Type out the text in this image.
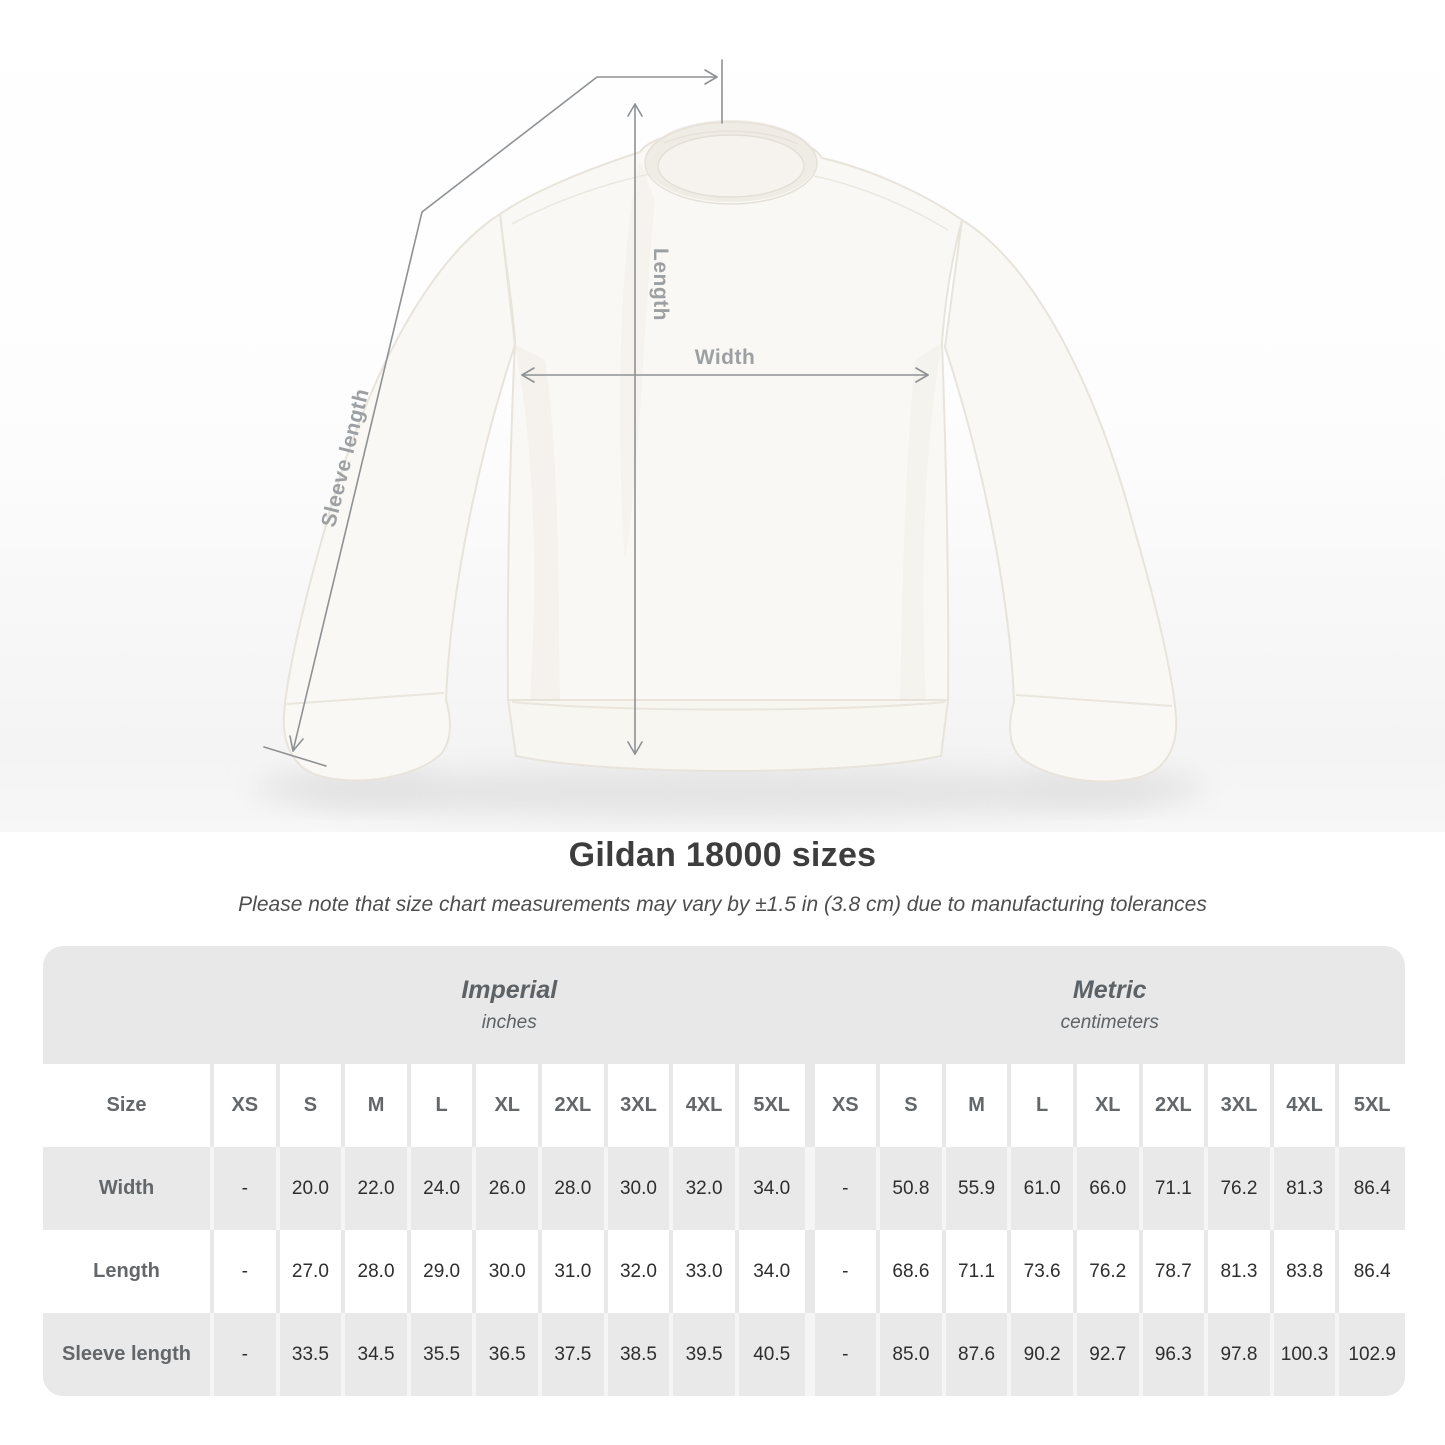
Length
Width
Sleeve length
Gildan 18000 sizes
Please note that size chart measurements may vary by ±1.5 in (3.8 cm) due to manufacturing tolerances
Imperial
inches
Metric
centimeters
Size	XS	S	M	L	XL	2XL	3XL	4XL	5XL	XS	S	M	L	XL	2XL	3XL	4XL	5XL
Width	-	20.0	22.0	24.0	26.0	28.0	30.0	32.0	34.0	-	50.8	55.9	61.0	66.0	71.1	76.2	81.3	86.4
Length	-	27.0	28.0	29.0	30.0	31.0	32.0	33.0	34.0	-	68.6	71.1	73.6	76.2	78.7	81.3	83.8	86.4
Sleeve length	-	33.5	34.5	35.5	36.5	37.5	38.5	39.5	40.5	-	85.0	87.6	90.2	92.7	96.3	97.8	100.3	102.9
